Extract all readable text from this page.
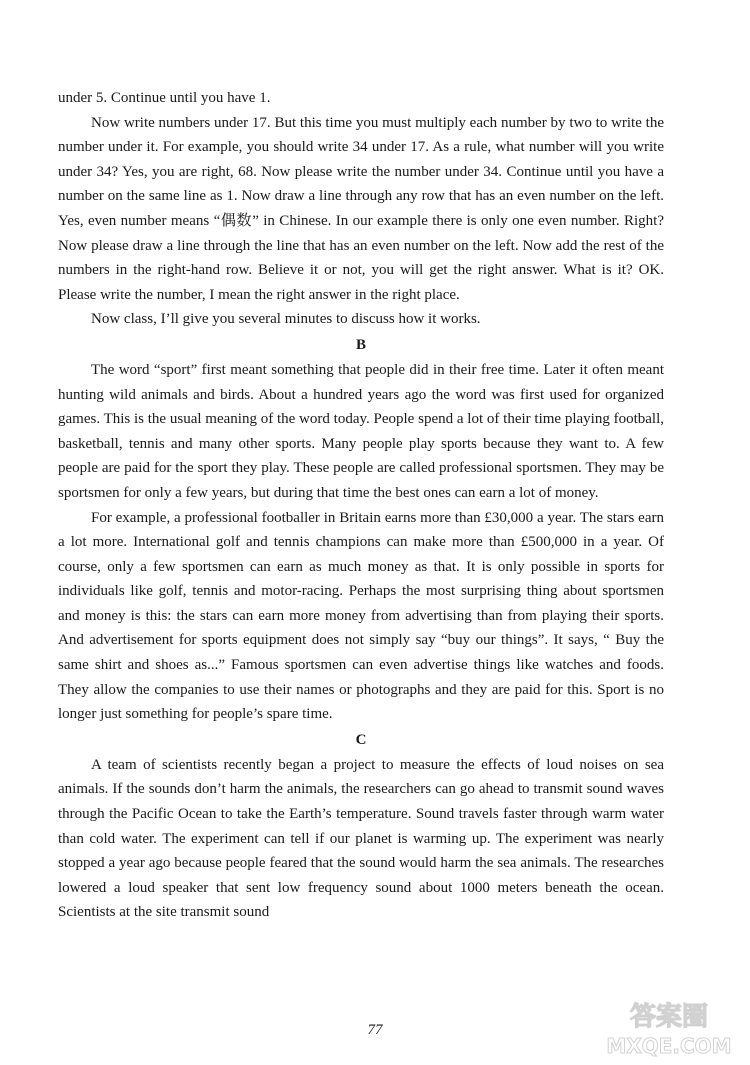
under 5. Continue until you have 1.

Now write numbers under 17. But this time you must multiply each number by two to write the number under it. For example, you should write 34 under 17. As a rule, what number will you write under 34? Yes, you are right, 68. Now please write the number under 34. Continue until you have a number on the same line as 1. Now draw a line through any row that has an even number on the left. Yes, even number means “偶数” in Chinese. In our example there is only one even number. Right? Now please draw a line through the line that has an even number on the left. Now add the rest of the numbers in the right-hand row. Believe it or not, you will get the right answer. What is it? OK. Please write the number, I mean the right answer in the right place.

Now class, I’ll give you several minutes to discuss how it works.

B

The word “sport” first meant something that people did in their free time. Later it often meant hunting wild animals and birds. About a hundred years ago the word was first used for organized games. This is the usual meaning of the word today. People spend a lot of their time playing football, basketball, tennis and many other sports. Many people play sports because they want to. A few people are paid for the sport they play. These people are called professional sportsmen. They may be sportsmen for only a few years, but during that time the best ones can earn a lot of money.

For example, a professional footballer in Britain earns more than £30,000 a year. The stars earn a lot more. International golf and tennis champions can make more than £500,000 in a year. Of course, only a few sportsmen can earn as much money as that. It is only possible in sports for individuals like golf, tennis and motor-racing. Perhaps the most surprising thing about sportsmen and money is this: the stars can earn more money from advertising than from playing their sports. And advertisement for sports equipment does not simply say “buy our things”. It says, “ Buy the same shirt and shoes as...” Famous sportsmen can even advertise things like watches and foods. They allow the companies to use their names or photographs and they are paid for this. Sport is no longer just something for people’s spare time.

C

A team of scientists recently began a project to measure the effects of loud noises on sea animals. If the sounds don’t harm the animals, the researchers can go ahead to transmit sound waves through the Pacific Ocean to take the Earth’s temperature. Sound travels faster through warm water than cold water. The experiment can tell if our planet is warming up. The experiment was nearly stopped a year ago because people feared that the sound would harm the sea animals. The researches lowered a loud speaker that sent low frequency sound about 1000 meters beneath the ocean. Scientists at the site transmit sound

77	答案圈
MXQE.COM
